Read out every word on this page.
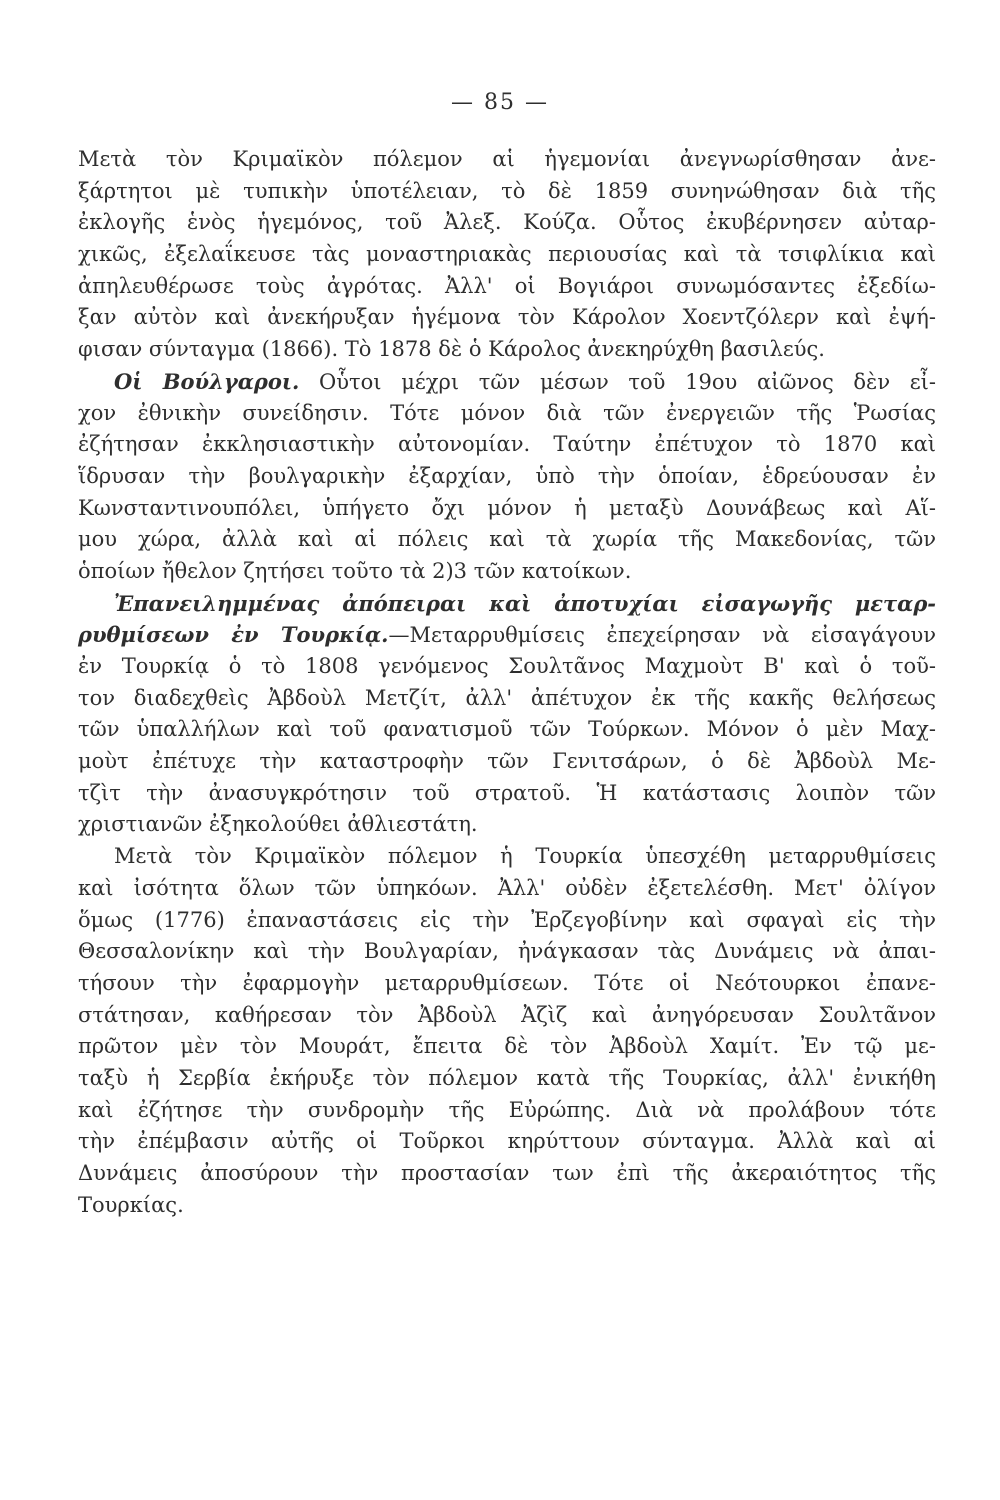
— 85 —
Μετὰ τὸν Κριμαϊκὸν πόλεμον αἱ ἡγεμονίαι ἀνεγνωρίσθησαν ἀνε-
ξάρτητοι μὲ τυπικὴν ὑποτέλειαν, τὸ δὲ 1859 συνηνώθησαν διὰ τῆς
ἐκλογῆς ἑνὸς ἡγεμόνος, τοῦ Ἀλεξ. Κούζα. Οὗτος ἐκυβέρνησεν αὐταρ-
χικῶς, ἐξελαΐκευσε τὰς μοναστηριακὰς περιουσίας καὶ τὰ τσιφλίκια καὶ
ἀπηλευθέρωσε τοὺς ἀγρότας. Ἀλλ' οἱ Βογιάροι συνωμόσαντες ἐξεδίω-
ξαν αὐτὸν καὶ ἀνεκήρυξαν ἡγέμονα τὸν Κάρολον Χοεντζόλερν καὶ ἐψή-
φισαν σύνταγμα (1866). Τὸ 1878 δὲ ὁ Κάρολος ἀνεκηρύχθη βασιλεύς.
Οἱ Βούλγαροι. Οὗτοι μέχρι τῶν μέσων τοῦ 19ου αἰῶνος δὲν εἶ-
χον ἐθνικὴν συνείδησιν. Τότε μόνον διὰ τῶν ἐνεργειῶν τῆς Ῥωσίας
ἐζήτησαν ἐκκλησιαστικὴν αὐτονομίαν. Ταύτην ἐπέτυχον τὸ 1870 καὶ
ἵδρυσαν τὴν βουλγαρικὴν ἐξαρχίαν, ὑπὸ τὴν ὁποίαν, ἑδρεύουσαν ἐν
Κωνσταντινουπόλει, ὑπήγετο ὄχι μόνον ἡ μεταξὺ Δουνάβεως καὶ Αἵ-
μου χώρα, ἀλλὰ καὶ αἱ πόλεις καὶ τὰ χωρία τῆς Μακεδονίας, τῶν
ὁποίων ἤθελον ζητήσει τοῦτο τὰ 2)3 τῶν κατοίκων.
Ἐπανειλημμένας ἀπόπειραι καὶ ἀποτυχίαι εἰσαγωγῆς μεταρ-
ρυθμίσεων ἐν Τουρκίᾳ.—Μεταρρυθμίσεις ἐπεχείρησαν νὰ εἰσαγάγουν
ἐν Τουρκίᾳ ὁ τὸ 1808 γενόμενος Σουλτᾶνος Μαχμοὺτ Β' καὶ ὁ τοῦ-
τον διαδεχθεὶς Ἀβδοὺλ Μετζίτ, ἀλλ' ἀπέτυχον ἐκ τῆς κακῆς θελήσεως
τῶν ὑπαλλήλων καὶ τοῦ φανατισμοῦ τῶν Τούρκων. Μόνον ὁ μὲν Μαχ-
μοὺτ ἐπέτυχε τὴν καταστροφὴν τῶν Γενιτσάρων, ὁ δὲ Ἀβδοὺλ Με-
τζὶτ τὴν ἀνασυγκρότησιν τοῦ στρατοῦ. Ἡ κατάστασις λοιπὸν τῶν
χριστιανῶν ἐξηκολούθει ἀθλιεστάτη.
Μετὰ τὸν Κριμαϊκὸν πόλεμον ἡ Τουρκία ὑπεσχέθη μεταρρυθμίσεις
καὶ ἰσότητα ὅλων τῶν ὑπηκόων. Ἀλλ' οὐδὲν ἐξετελέσθη. Μετ' ὀλίγον
ὅμως (1776) ἐπαναστάσεις εἰς τὴν Ἐρζεγοβίνην καὶ σφαγαὶ εἰς τὴν
Θεσσαλονίκην καὶ τὴν Βουλγαρίαν, ἠνάγκασαν τὰς Δυνάμεις νὰ ἀπαι-
τήσουν τὴν ἐφαρμογὴν μεταρρυθμίσεων. Τότε οἱ Νεότουρκοι ἐπανε-
στάτησαν, καθήρεσαν τὸν Ἀβδοὺλ Ἀζὶζ καὶ ἀνηγόρευσαν Σουλτᾶνον
πρῶτον μὲν τὸν Μουράτ, ἔπειτα δὲ τὸν Ἀβδοὺλ Χαμίτ. Ἐν τῷ με-
ταξὺ ἡ Σερβία ἐκήρυξε τὸν πόλεμον κατὰ τῆς Τουρκίας, ἀλλ' ἐνικήθη
καὶ ἐζήτησε τὴν συνδρομὴν τῆς Εὐρώπης. Διὰ νὰ προλάβουν τότε
τὴν ἐπέμβασιν αὐτῆς οἱ Τοῦρκοι κηρύττουν σύνταγμα. Ἀλλὰ καὶ αἱ
Δυνάμεις ἀποσύρουν τὴν προστασίαν των ἐπὶ τῆς ἀκεραιότητος τῆς
Τουρκίας.
